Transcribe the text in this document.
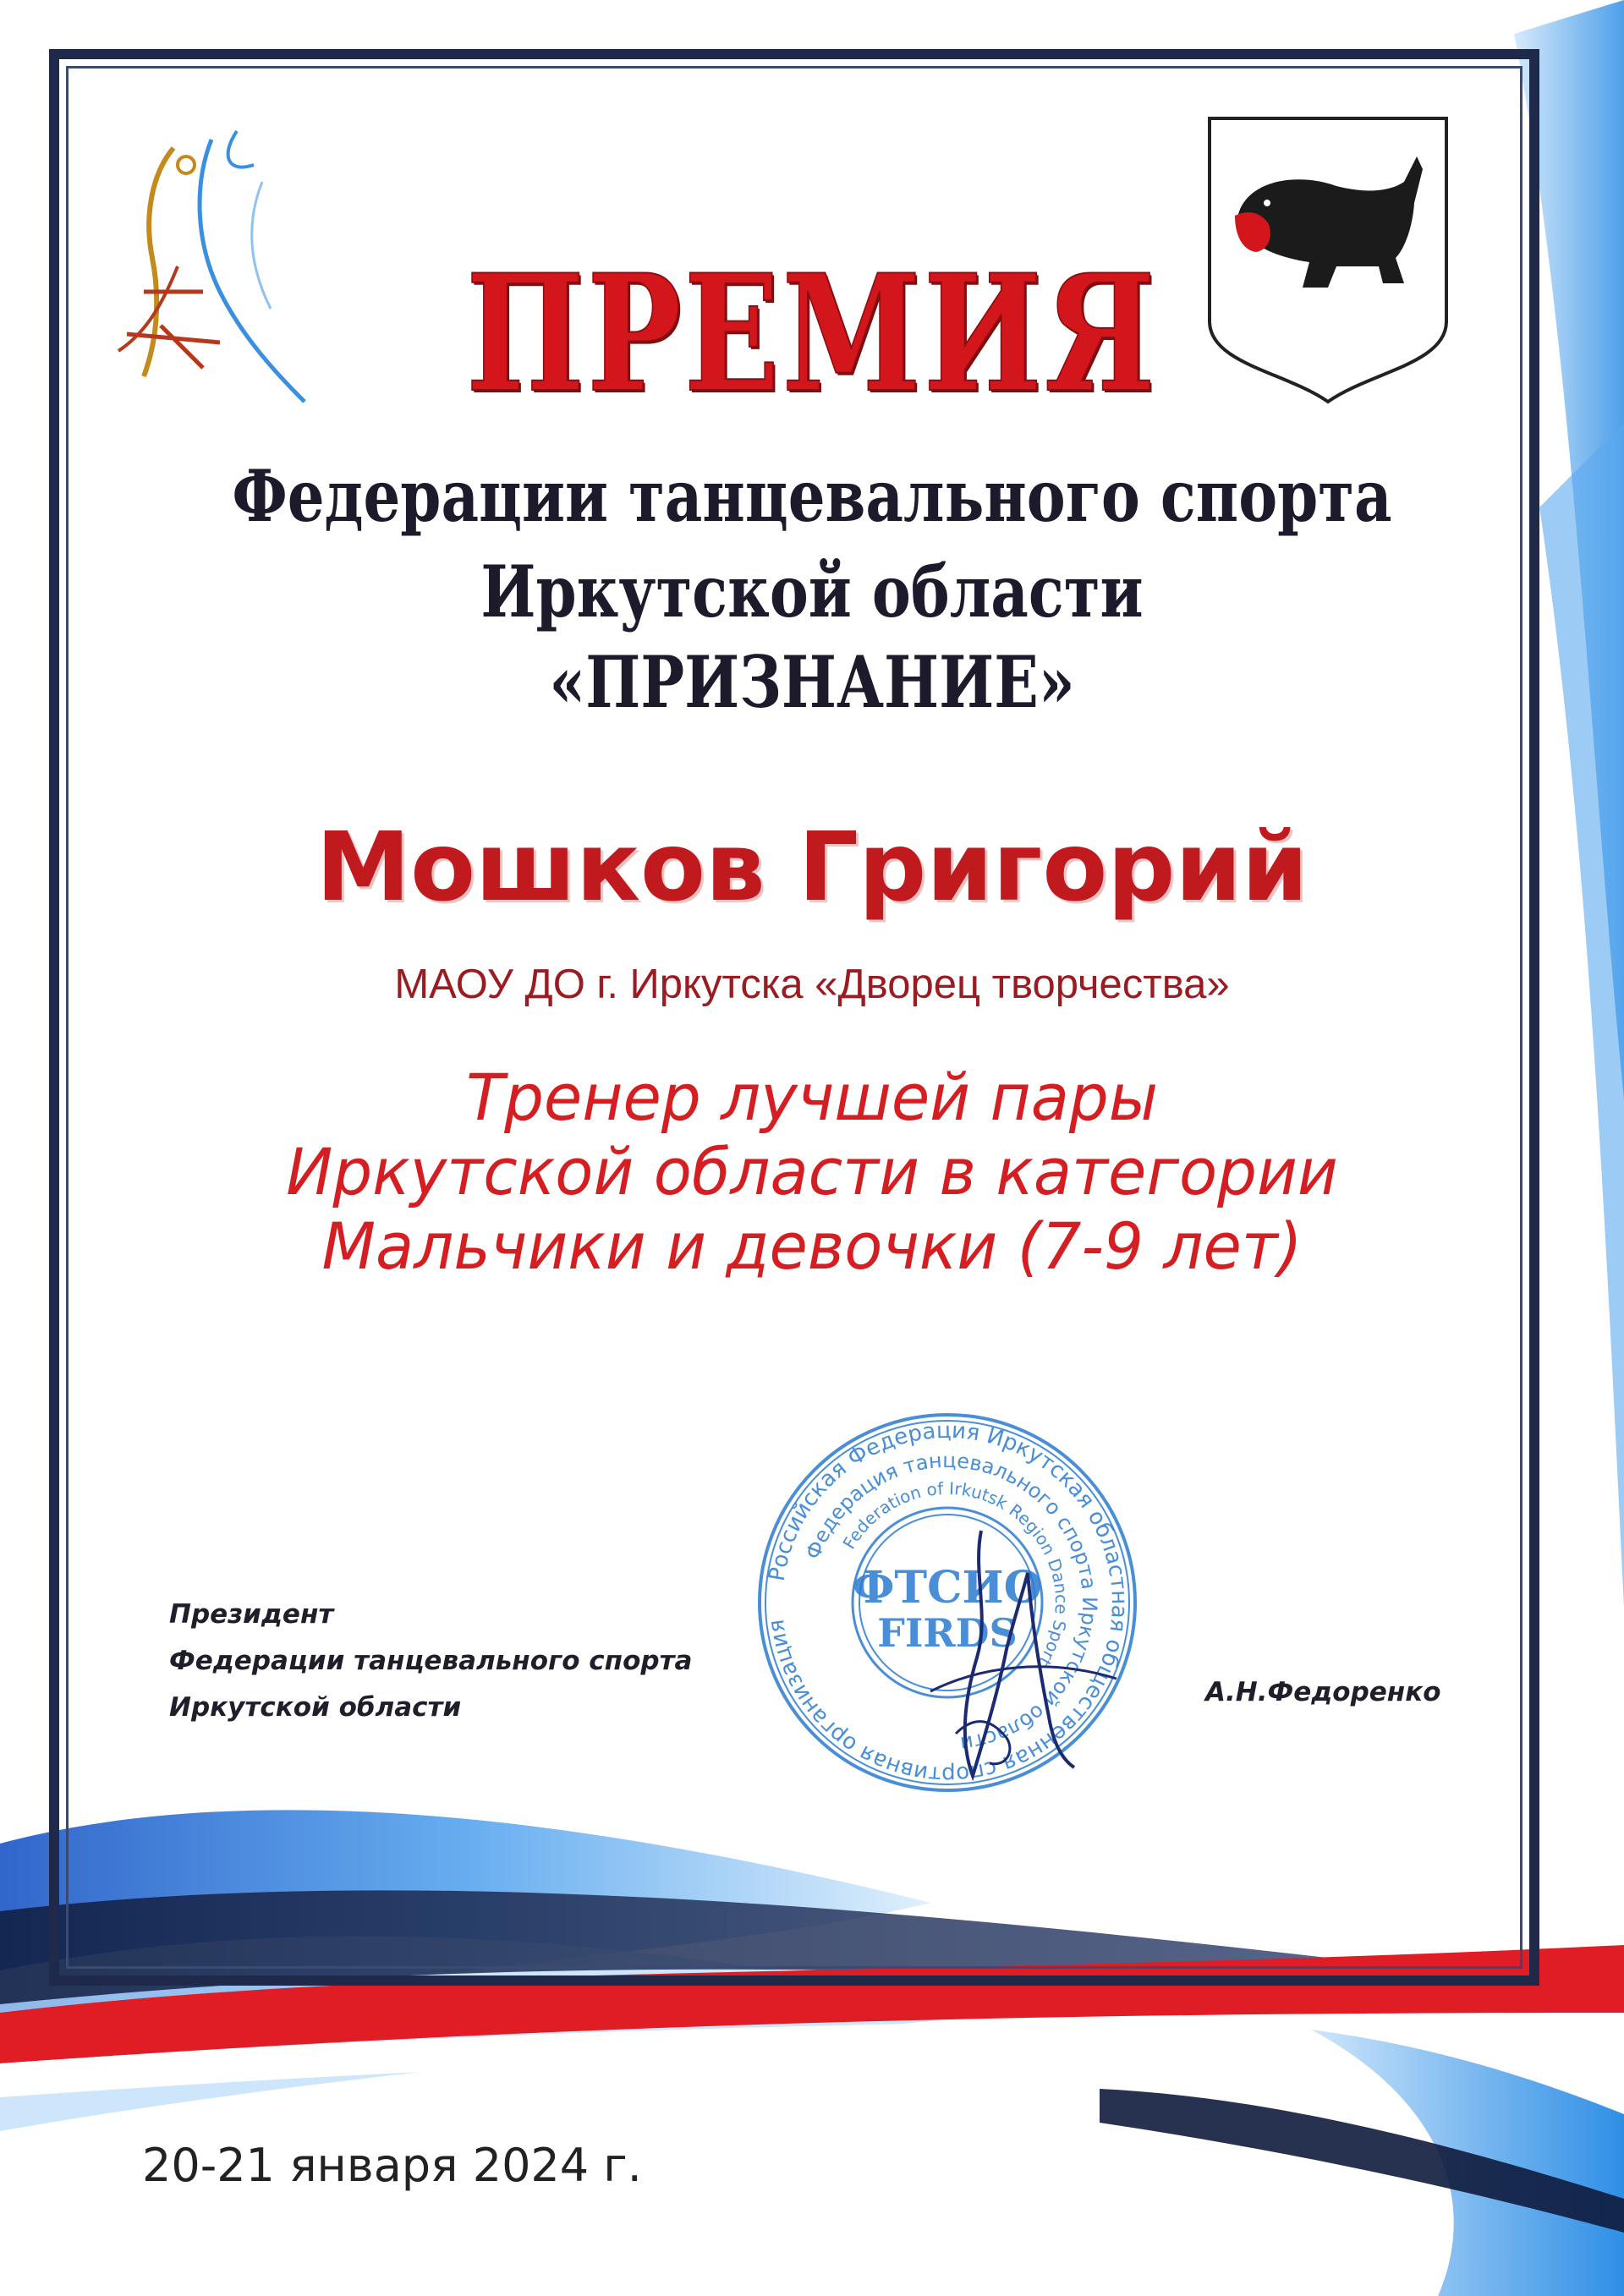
ПРЕМИЯ
Федерации танцевального спорта
Иркутской области
«ПРИЗНАНИЕ»
Мошков Григорий
МАОУ ДО г. Иркутска «Дворец творчества»
Тренер лучшей пары
Иркутской области в категории
Мальчики и девочки (7-9 лет)
Президент
Федерации танцевального спорта
Иркутской области	А.Н.Федоренко
Российская Федерация Иркутская областная общественная спортивная организация
Федерация танцевального спорта Иркутской области
Federation of Irkutsk Region Dance Sport
ФТСИО
FIRDS
20-21 января 2024 г.
